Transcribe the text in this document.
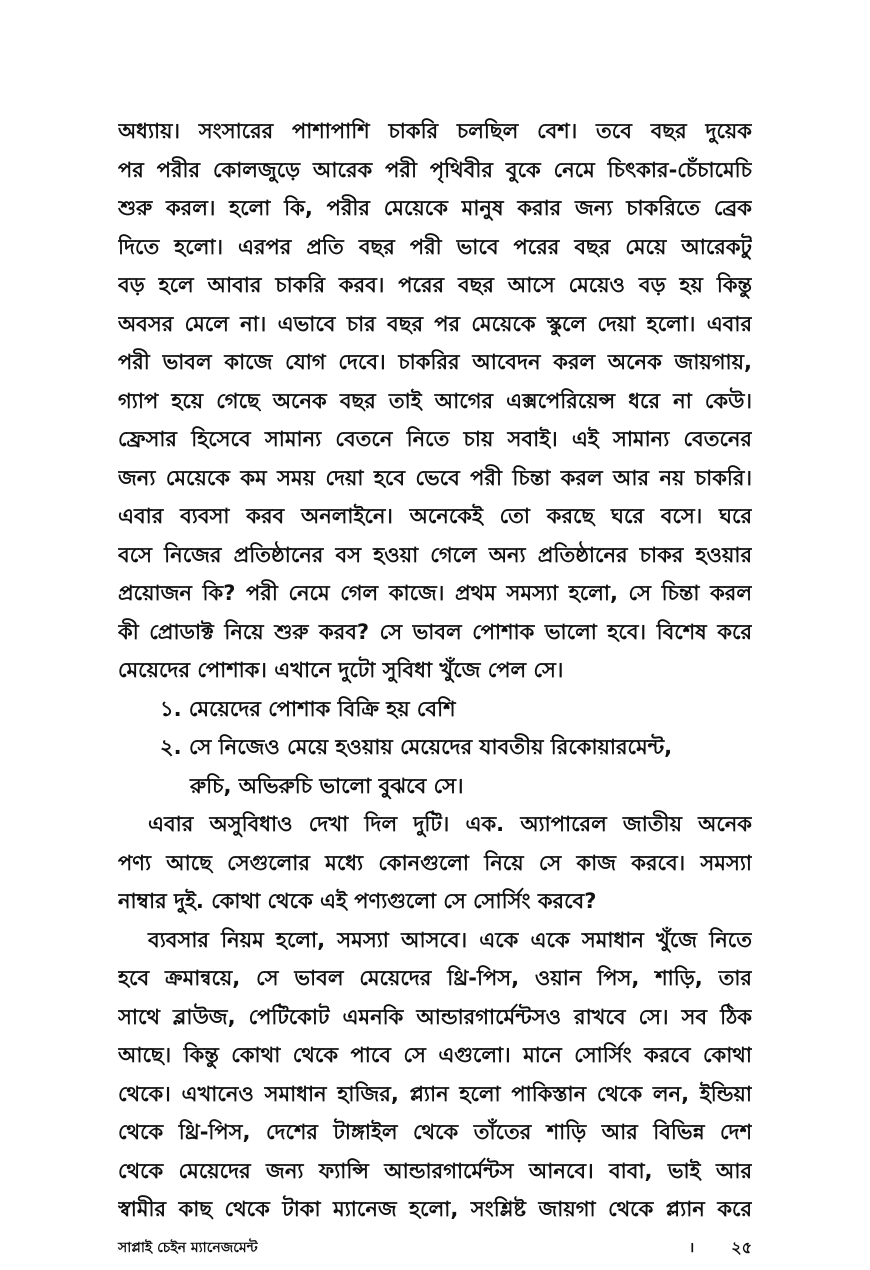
অধ্যায়। সংসারের পাশাপাশি চাকরি চলছিল বেশ। তবে বছর দুয়েক
পর পরীর কোলজুড়ে আরেক পরী পৃথিবীর বুকে নেমে চিৎকার-চেঁচামেচি
শুরু করল। হলো কি, পরীর মেয়েকে মানুষ করার জন্য চাকরিতে ব্রেক
দিতে হলো। এরপর প্রতি বছর পরী ভাবে পরের বছর মেয়ে আরেকটু
বড় হলে আবার চাকরি করব। পরের বছর আসে মেয়েও বড় হয় কিন্তু
অবসর মেলে না। এভাবে চার বছর পর মেয়েকে স্কুলে দেয়া হলো। এবার
পরী ভাবল কাজে যোগ দেবে। চাকরির আবেদন করল অনেক জায়গায়,
গ্যাপ হয়ে গেছে অনেক বছর তাই আগের এক্সপেরিয়েন্স ধরে না কেউ।
ফ্রেসার হিসেবে সামান্য বেতনে নিতে চায় সবাই। এই সামান্য বেতনের
জন্য মেয়েকে কম সময় দেয়া হবে ভেবে পরী চিন্তা করল আর নয় চাকরি।
এবার ব্যবসা করব অনলাইনে। অনেকেই তো করছে ঘরে বসে। ঘরে
বসে নিজের প্রতিষ্ঠানের বস হওয়া গেলে অন্য প্রতিষ্ঠানের চাকর হওয়ার
প্রয়োজন কি? পরী নেমে গেল কাজে। প্রথম সমস্যা হলো, সে চিন্তা করল
কী প্রোডাক্ট নিয়ে শুরু করব? সে ভাবল পোশাক ভালো হবে। বিশেষ করে
মেয়েদের পোশাক। এখানে দুটো সুবিধা খুঁজে পেল সে।
১. মেয়েদের পোশাক বিক্রি হয় বেশি
২. সে নিজেও মেয়ে হওয়ায় মেয়েদের যাবতীয় রিকোয়ারমেন্ট,
রুচি, অভিরুচি ভালো বুঝবে সে।
এবার অসুবিধাও দেখা দিল দুটি। এক. অ্যাপারেল জাতীয় অনেক
পণ্য আছে সেগুলোর মধ্যে কোনগুলো নিয়ে সে কাজ করবে। সমস্যা
নাম্বার দুই. কোথা থেকে এই পণ্যগুলো সে সোর্সিং করবে?
ব্যবসার নিয়ম হলো, সমস্যা আসবে। একে একে সমাধান খুঁজে নিতে
হবে ক্রমান্বয়ে, সে ভাবল মেয়েদের থ্রি-পিস, ওয়ান পিস, শাড়ি, তার
সাথে ব্লাউজ, পেটিকোট এমনকি আন্ডারগার্মেন্টসও রাখবে সে। সব ঠিক
আছে। কিন্তু কোথা থেকে পাবে সে এগুলো। মানে সোর্সিং করবে কোথা
থেকে। এখানেও সমাধান হাজির, প্ল্যান হলো পাকিস্তান থেকে লন, ইন্ডিয়া
থেকে থ্রি-পিস, দেশের টাঙ্গাইল থেকে তাঁতের শাড়ি আর বিভিন্ন দেশ
থেকে মেয়েদের জন্য ফ্যান্সি আন্ডারগার্মেন্টস আনবে। বাবা, ভাই আর
স্বামীর কাছ থেকে টাকা ম্যানেজ হলো, সংশ্লিষ্ট জায়গা থেকে প্ল্যান করে
সাপ্লাই চেইন ম্যানেজমেন্ট	। ২৫
